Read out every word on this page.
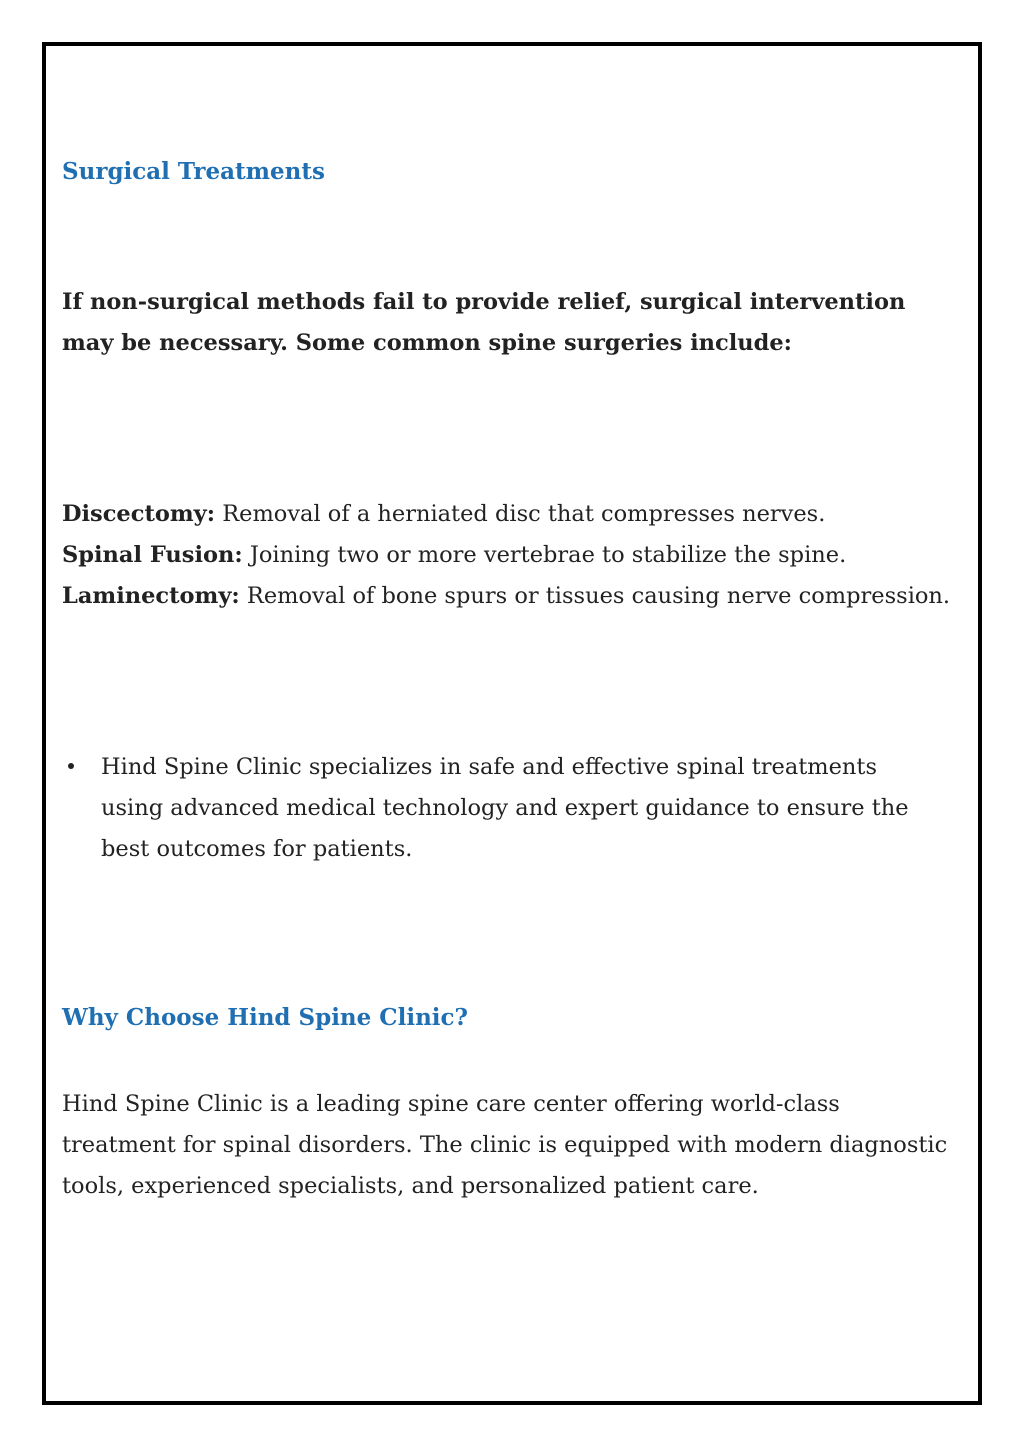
Surgical Treatments

If non-surgical methods fail to provide relief, surgical intervention may be necessary. Some common spine surgeries include:

Discectomy: Removal of a herniated disc that compresses nerves.
Spinal Fusion: Joining two or more vertebrae to stabilize the spine.
Laminectomy: Removal of bone spurs or tissues causing nerve compression.
Hind Spine Clinic specializes in safe and effective spinal treatments using advanced medical technology and expert guidance to ensure the best outcomes for patients.
Why Choose Hind Spine Clinic?

Hind Spine Clinic is a leading spine care center offering world-class treatment for spinal disorders. The clinic is equipped with modern diagnostic tools, experienced specialists, and personalized patient care.
